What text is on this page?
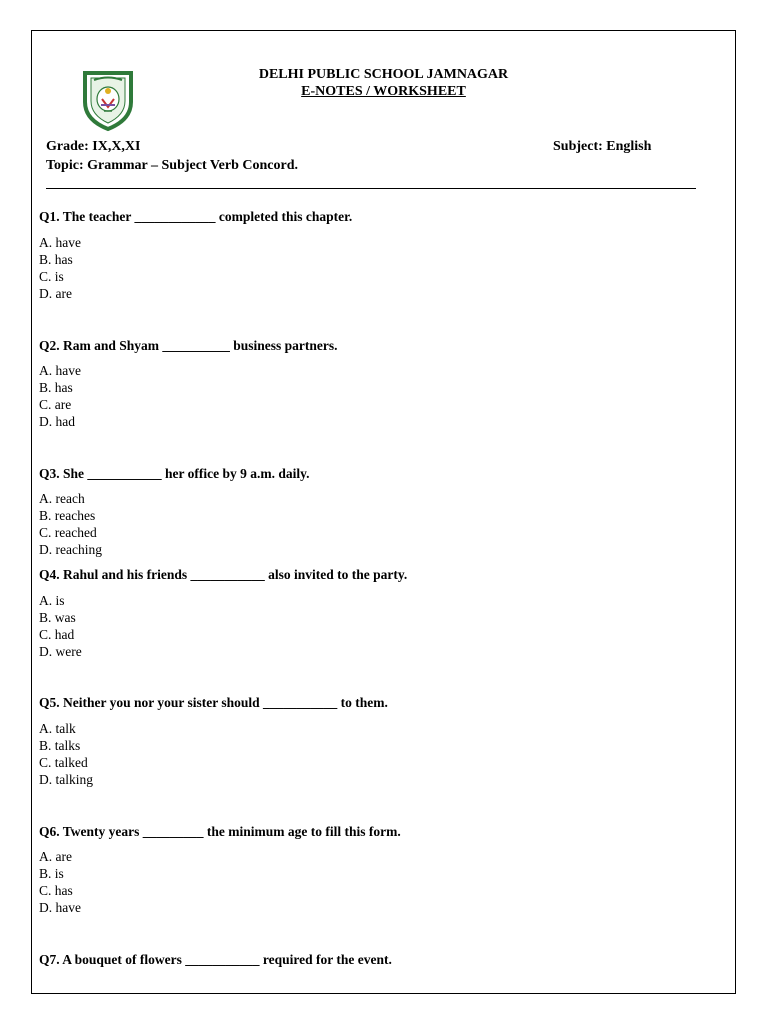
DELHI PUBLIC SCHOOL JAMNAGAR
E-NOTES / WORKSHEET
Grade: IX,X,XI	Subject: English
Topic: Grammar – Subject Verb Concord.
Q1. The teacher ____________ completed this chapter.
A. have
B. has
C. is
D. are
Q2. Ram and Shyam __________ business partners.
A. have
B. has
C. are
D. had
Q3. She ___________ her office by 9 a.m. daily.
A. reach
B. reaches
C. reached
D. reaching
Q4. Rahul and his friends ___________ also invited to the party.
A. is
B. was
C. had
D. were
Q5. Neither you nor your sister should ___________ to them.
A. talk
B. talks
C. talked
D. talking
Q6. Twenty years _________ the minimum age to fill this form.
A. are
B. is
C. has
D. have
Q7. A bouquet of flowers ___________ required for the event.
